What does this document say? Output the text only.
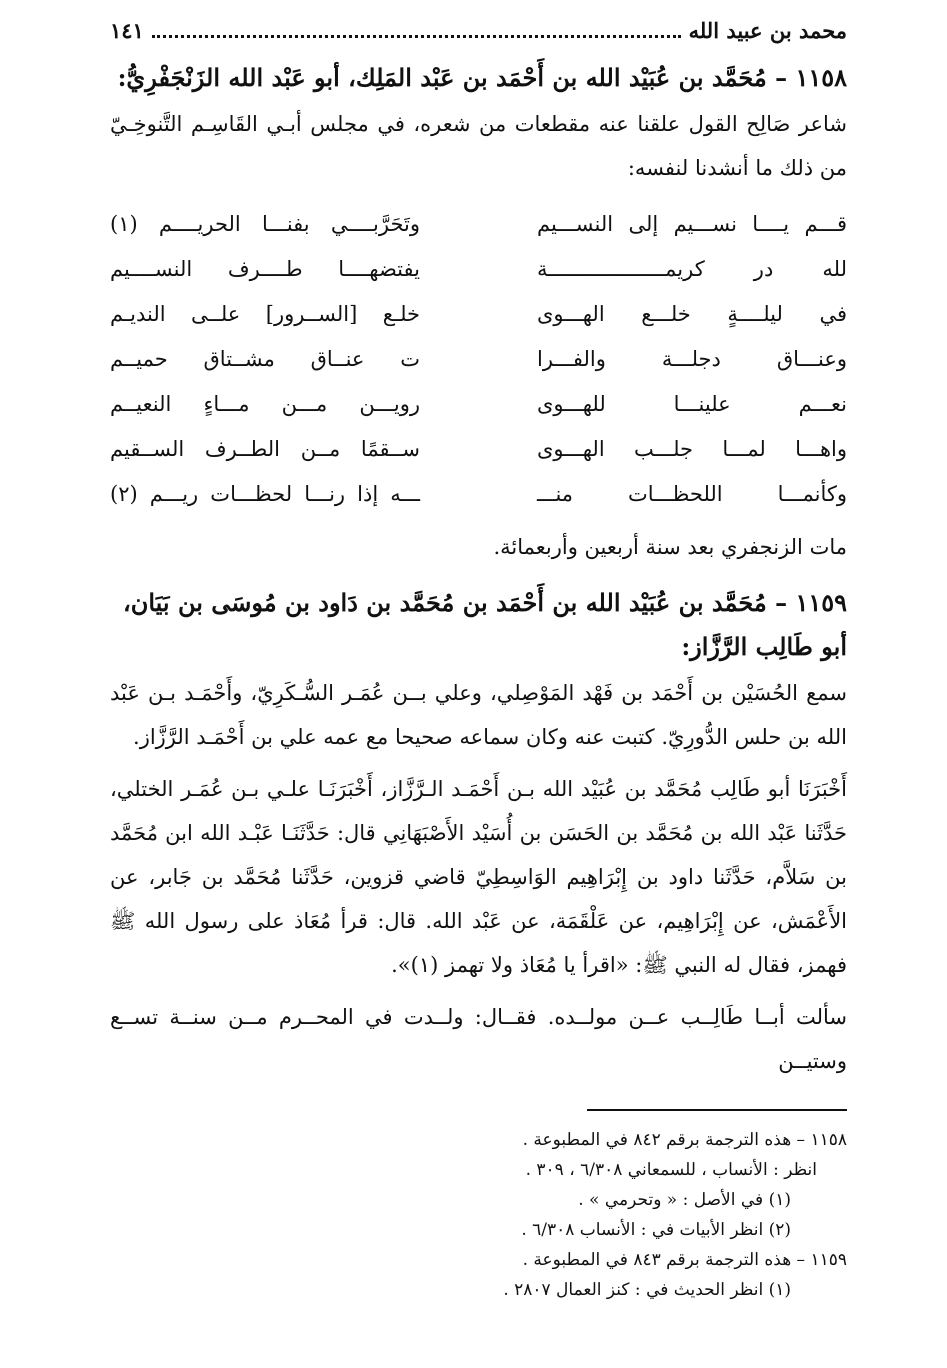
محمد بن عبيد الله
١٤١
١١٥٨ – مُحَمَّد بن عُبَيْد الله بن أَحْمَد بن عَبْد المَلِك، أبو عَبْد الله الزَنْجَفْرِيُّ:

شاعر صَالِح القول علقنا عنه مقطعات من شعره، في مجلس أبـي القَاسِـم التَّنوخِـيّ من ذلك ما أنشدنا لنفسه:

قـــم يــــا نســـيم إلى النســـيم
وتَحَرَّبــــي بفنـــا الحريــــم (١)
لله در كريمـــــــــــــــــــة
يفتضهــــا طــــرف النســــيم
في ليلــــةٍ خلـــع الهـــوى
خلـع [الســرور] علــى النديـم
وعنـــاق دجلـــة والفـــرا
ت عنــاق مشــتاق حميــم
نعـــم علينـــا للهـــوى
رويـــن مـــن مـــاءٍ النعيــم
واهـــا لمـــا جلـــب الهـــوى
ســقمًا مــن الطــرف الســقيم
وكأنمـــا اللحظـــات منـــ
ـــه إذا رنـــا لحظـــات ريـــم (٢)

مات الزنجفري بعد سنة أربعين وأربعمائة.

١١٥٩ – مُحَمَّد بن عُبَيْد الله بن أَحْمَد بن مُحَمَّد بن دَاود بن مُوسَى بن بَيَان، أبو طَالِب الرَّزَّاز:

سمع الحُسَيْن بن أَحْمَد بن فَهْد المَوْصِلي، وعلي بــن عُمَـر السُّـكَرِيّ، وأَحْمَـد بـن عَبْد الله بن حلس الدُّورِيّ. كتبت عنه وكان سماعه صحيحا مع عمه علي بن أَحْمَـد الرَّزَّاز.

أَخْبَرَنَا أبو طَالِب مُحَمَّد بن عُبَيْد الله بـن أَحْمَـد الـرَّزَّاز، أَخْبَرَنَـا علـي بـن عُمَـر الختلي، حَدَّثَنا عَبْد الله بن مُحَمَّد بن الحَسَن بن أُسَيْد الأَصْبَهَانِي قال: حَدَّثَنَـا عَبْـد الله ابن مُحَمَّد بن سَلاَّم، حَدَّثَنا داود بن إِبْرَاهِيم الوَاسِطِيّ قاضي قزوين، حَدَّثَنا مُحَمَّد بن جَابر، عن الأَعْمَش، عن إِبْرَاهِيم، عن عَلْقَمَة، عن عَبْد الله. قال: قرأ مُعَاذ على رسول الله ﷺ فهمز، فقال له النبي ﷺ: «اقرأ يا مُعَاذ ولا تهمز (١)».

سألت أبــا طَالِــب عــن مولــده. فقــال: ولــدت في المحــرم مــن سنــة تســع وستيــن

١١٥٨ – هذه الترجمة برقم ٨٤٢ في المطبوعة .

انظر : الأنساب ، للسمعاني ٦/٣٠٨ ، ٣٠٩ .

(١) في الأصل : « وتحرمي » .

(٢) انظر الأبيات في : الأنساب ٦/٣٠٨ .

١١٥٩ – هذه الترجمة برقم ٨٤٣ في المطبوعة .

(١) انظر الحديث في : كنز العمال ٢٨٠٧ .
